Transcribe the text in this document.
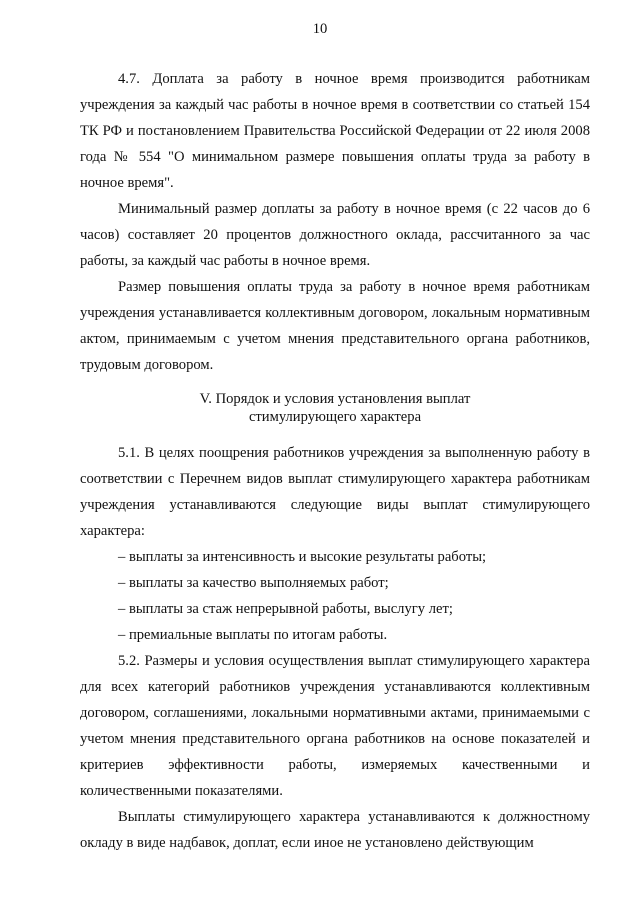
10

4.7. Доплата за работу в ночное время производится работникам учреждения за каждый час работы в ночное время в соответствии со статьей 154 ТК РФ и постановлением Правительства Российской Федерации от 22 июля 2008 года № 554 "О минимальном размере повышения оплаты труда за работу в ночное время".

Минимальный размер доплаты за работу в ночное время (с 22 часов до 6 часов) составляет 20 процентов должностного оклада, рассчитанного за час работы, за каждый час работы в ночное время.

Размер повышения оплаты труда за работу в ночное время работникам учреждения устанавливается коллективным договором, локальным нормативным актом, принимаемым с учетом мнения представительного органа работников, трудовым договором.

V. Порядок и условия установления выплат
стимулирующего характера

5.1. В целях поощрения работников учреждения за выполненную работу в соответствии с Перечнем видов выплат стимулирующего характера работникам учреждения устанавливаются следующие виды выплат стимулирующего характера:

– выплаты за интенсивность и высокие результаты работы;

– выплаты за качество выполняемых работ;

– выплаты за стаж непрерывной работы, выслугу лет;

– премиальные выплаты по итогам работы.

5.2. Размеры и условия осуществления выплат стимулирующего характера для всех категорий работников учреждения устанавливаются коллективным договором, соглашениями, локальными нормативными актами, принимаемыми с учетом мнения представительного органа работников на основе показателей и критериев эффективности работы, измеряемых качественными и количественными показателями.

Выплаты стимулирующего характера устанавливаются к должностному окладу в виде надбавок, доплат, если иное не установлено действующим
